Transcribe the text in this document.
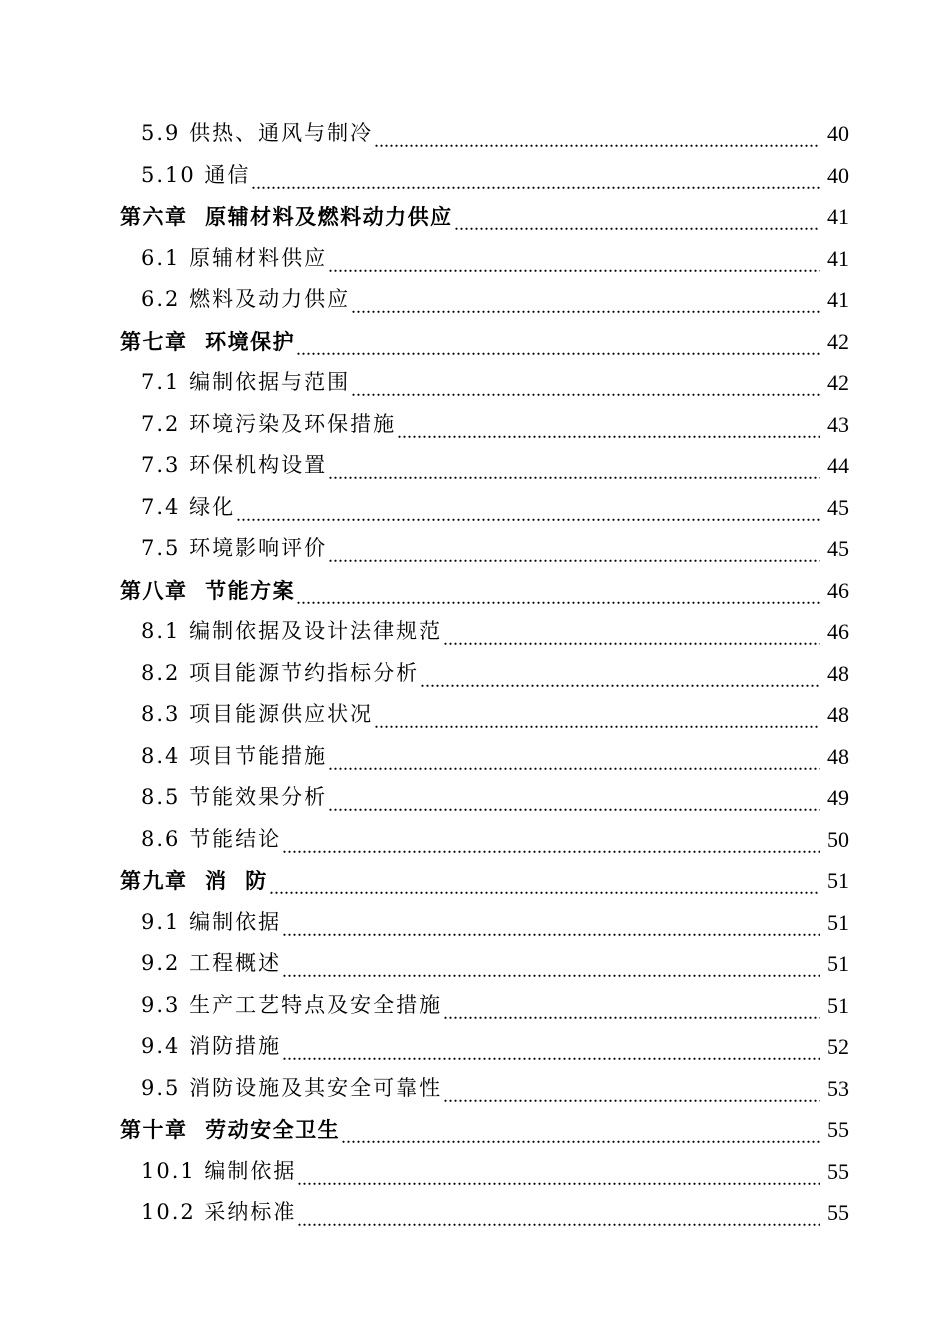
5.9 供热、通风与制冷	40
5.10 通信	40
第六章  原辅材料及燃料动力供应	41
6.1 原辅材料供应	41
6.2 燃料及动力供应	41
第七章  环境保护	42
7.1 编制依据与范围	42
7.2 环境污染及环保措施	43
7.3 环保机构设置	44
7.4 绿化	45
7.5 环境影响评价	45
第八章  节能方案	46
8.1 编制依据及设计法律规范	46
8.2 项目能源节约指标分析	48
8.3 项目能源供应状况	48
8.4 项目节能措施	48
8.5 节能效果分析	49
8.6 节能结论	50
第九章  消  防	51
9.1 编制依据	51
9.2 工程概述	51
9.3 生产工艺特点及安全措施	51
9.4 消防措施	52
9.5 消防设施及其安全可靠性	53
第十章  劳动安全卫生	55
10.1 编制依据	55
10.2 采纳标准	55
